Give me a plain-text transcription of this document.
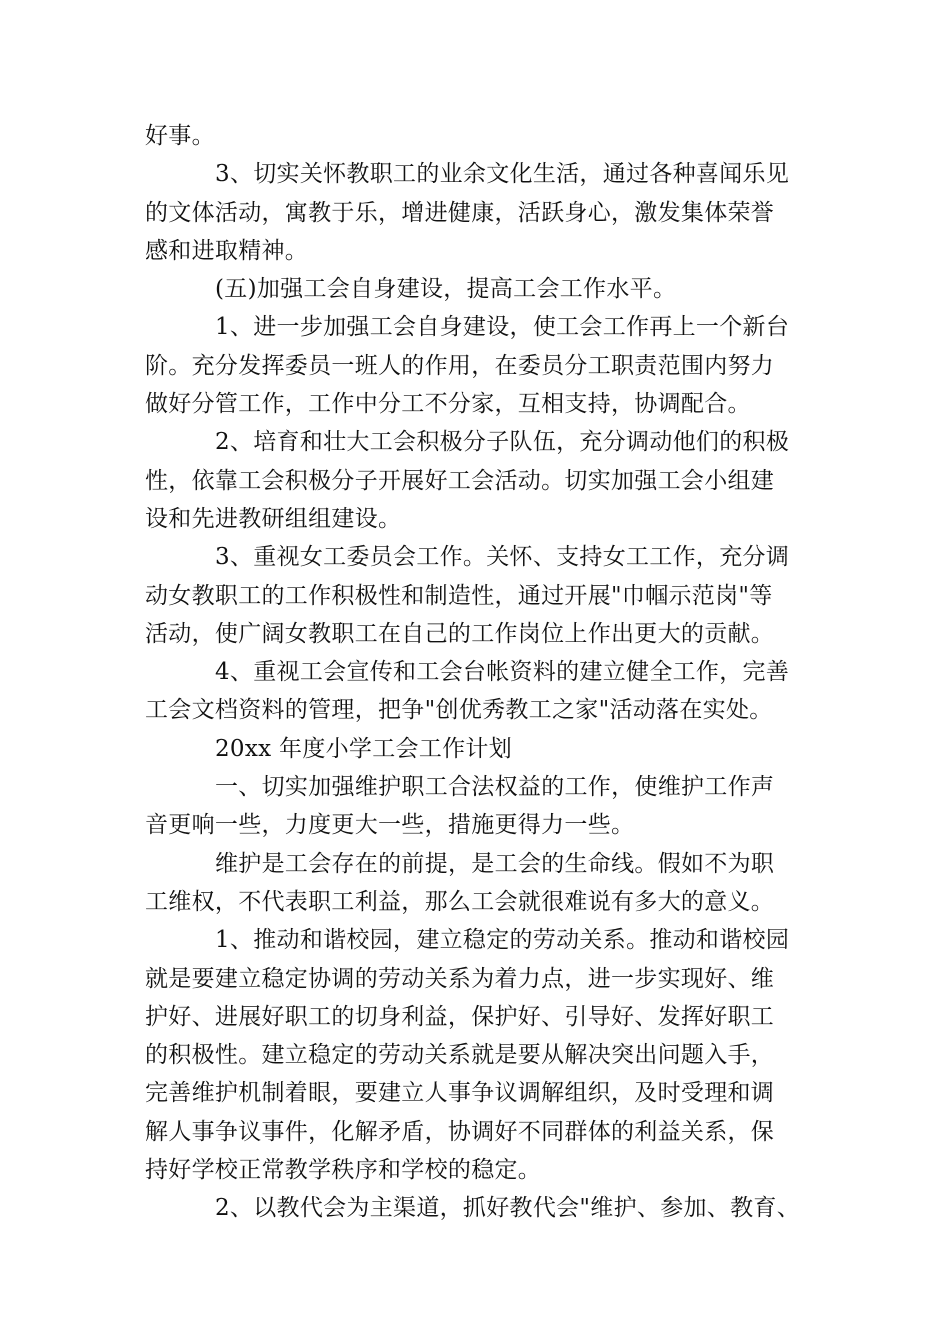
好事。
3、切实关怀教职工的业余文化生活，通过各种喜闻乐见
的文体活动，寓教于乐，增进健康，活跃身心，激发集体荣誉
感和进取精神。
(五)加强工会自身建设，提高工会工作水平。
1、进一步加强工会自身建设，使工会工作再上一个新台
阶。充分发挥委员一班人的作用，在委员分工职责范围内努力
做好分管工作，工作中分工不分家，互相支持，协调配合。
2、培育和壮大工会积极分子队伍，充分调动他们的积极
性，依靠工会积极分子开展好工会活动。切实加强工会小组建
设和先进教研组组建设。
3、重视女工委员会工作。关怀、支持女工工作，充分调
动女教职工的工作积极性和制造性，通过开展"巾帼示范岗"等
活动，使广阔女教职工在自己的工作岗位上作出更大的贡献。
4、重视工会宣传和工会台帐资料的建立健全工作，完善
工会文档资料的管理，把争"创优秀教工之家"活动落在实处。
20xx 年度小学工会工作计划
一、切实加强维护职工合法权益的工作，使维护工作声
音更响一些，力度更大一些，措施更得力一些。
维护是工会存在的前提，是工会的生命线。假如不为职
工维权，不代表职工利益，那么工会就很难说有多大的意义。
1、推动和谐校园，建立稳定的劳动关系。推动和谐校园
就是要建立稳定协调的劳动关系为着力点，进一步实现好、维
护好、进展好职工的切身利益，保护好、引导好、发挥好职工
的积极性。建立稳定的劳动关系就是要从解决突出问题入手，
完善维护机制着眼，要建立人事争议调解组织，及时受理和调
解人事争议事件，化解矛盾，协调好不同群体的利益关系，保
持好学校正常教学秩序和学校的稳定。
2、以教代会为主渠道，抓好教代会"维护、参加、教育、
